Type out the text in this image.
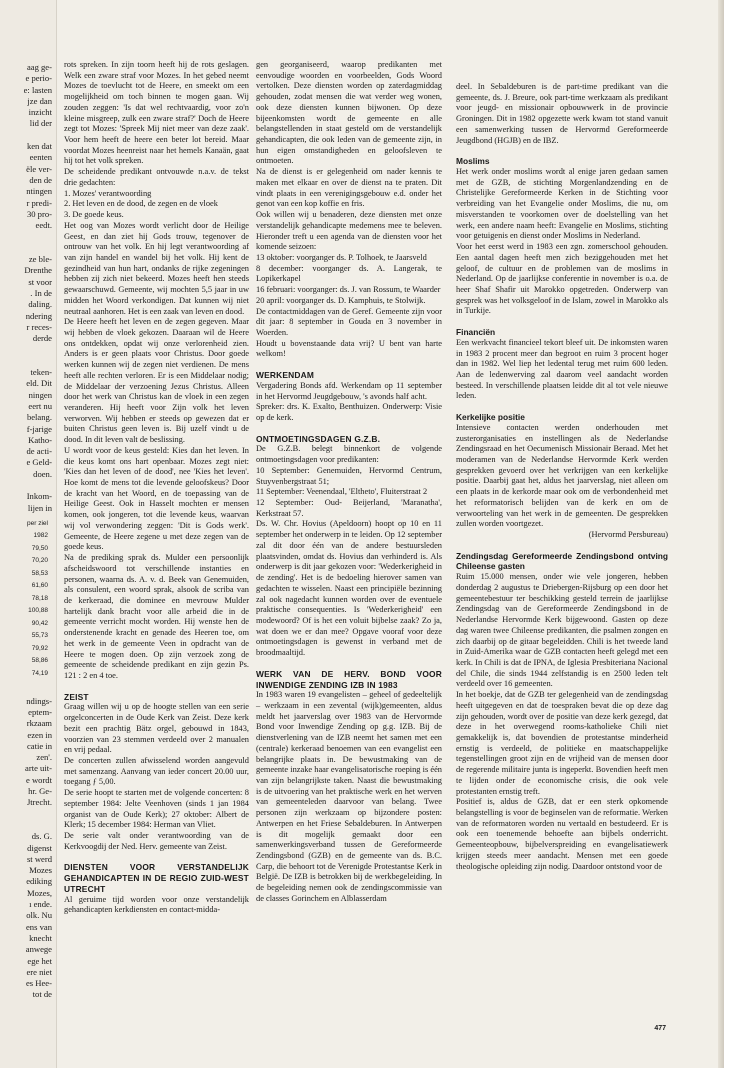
aag ge-
e perio-
e: lasten
jze dan
inzicht
lid der

ken dat
eenten
ële ver-
den de
ntingen
r predi-
30 pro-
eedt.

ze ble-
Drenthe
st voor
. In de
daling.
ndering
r reces-
derde

teken-
eld. Dit
ningen
eert nu
belang.
f-jarige
Katho-
de acti-
e Geld-
doen.

Inkom-
lijen in
per ziel
1982
79,50
70,20
58,53
61,60
78,18
100,88
90,42
55,73
79,92
58,86
74,19

ndings-
eptem-
rkzaam
ezen in
catie in
zen'.
arte uit-
e wordt
hr. Ge-
Jtrecht.

ds. G.
digenst
st werd
Mozes
ediking
Mozes,
ı ende.
olk. Nu
ens van
knecht
anwege
ege het
ere niet
es Hee-
tot de

rots spreken. In zijn toorn heeft hij de rots geslagen. Welk een zware straf voor Mozes. In het gebed neemt Mozes de toevlucht tot de Heere, en smeekt om een mogelijkheid om toch binnen te mogen gaan. Wij zouden zeggen: 'Is dat wel rechtvaardig, voor zo'n kleine misgreep, zulk een zware straf?' Doch de Heere zegt tot Mozes: 'Spreek Mij niet meer van deze zaak'. Voor hem heeft de heere een beter lot bereid. Maar voordat Mozes heenreist naar het hemels Kanaän, gaat hij tot het volk spreken.

De scheidende predikant ontvouwde n.a.v. de tekst drie gedachten:

1. Mozes' verantwoording

2. Het leven en de dood, de zegen en de vloek

3. De goede keus.

Het oog van Mozes wordt verlicht door de Heilige Geest, en dan ziet hij Gods trouw, tegenover de ontrouw van het volk. En hij legt verantwoording af van zijn handel en wandel bij het volk. Hij kent de gezindheid van hun hart, ondanks de rijke zegeningen hebben zij zich niet bekeerd. Mozes heeft hen steeds gewaarschuwd. Gemeente, wij mochten 5,5 jaar in uw midden het Woord verkondigen. Dat kunnen wij niet neutraal aanhoren. Het is een zaak van leven en dood.

De Heere heeft het leven en de zegen gegeven. Maar wij hebben de vloek gekozen. Daaraan wil de Heere ons ontdekken, opdat wij onze verlorenheid zien. Anders is er geen plaats voor Christus. Door goede werken kunnen wij de zegen niet verdienen. De mens heeft alle rechten verloren. Er is een Middelaar nodig; de Middelaar der verzoening Jezus Christus. Alleen door het werk van Christus kan de vloek in een zegen veranderen. Hij heeft voor Zijn volk het leven verworven. Wij hebben er steeds op gewezen dat er buiten Christus geen leven is. Bij uzelf vindt u de dood. In dit leven valt de beslissing.

U wordt voor de keus gesteld: Kies dan het leven. In die keus komt ons hart openbaar. Mozes zegt niet: 'Kies dan het leven of de dood', nee 'Kies het leven'. Hoe komt de mens tot die levende geloofskeus? Door de kracht van het Woord, en de toepassing van de Heilige Geest. Ook in Hasselt mochten er mensen komen, ook jongeren, tot die levende keus, waarvan wij vol verwondering zeggen: 'Dit is Gods werk'. Gemeente, de Heere zegene u met deze zegen van de goede keus.

Na de prediking sprak ds. Mulder een persoonlijk afscheidswoord tot verschillende instanties en personen, waarna ds. A. v. d. Beek van Genemuiden, als consulent, een woord sprak, alsook de scriba van de kerkeraad, die dominee en mevrouw Mulder hartelijk dank bracht voor alle arbeid die in de gemeente verricht mocht worden. Hij wenste hen de onderstenende kracht en genade des Heeren toe, om het werk in de gemeente Veen in opdracht van de Heere te mogen doen. Op zijn verzoek zong de gemeente de scheidende predikant en zijn gezin Ps. 121 : 2 en 4 toe.

ZEIST

Graag willen wij u op de hoogte stellen van een serie orgelconcerten in de Oude Kerk van Zeist. Deze kerk bezit een prachtig Bätz orgel, gebouwd in 1843, voorzien van 23 stemmen verdeeld over 2 manualen en vrij pedaal.

De concerten zullen afwisselend worden aangevuld met samenzang. Aanvang van ieder concert 20.00 uur, toegang ƒ 5,00.

De serie hoopt te starten met de volgende concerten: 8 september 1984: Jelte Veenhoven (sinds 1 jan 1984 organist van de Oude Kerk); 27 oktober: Albert de Klerk; 15 december 1984: Herman van Vliet.

De serie valt onder verantwoording van de Kerkvoogdij der Ned. Herv. gemeente van Zeist.

DIENSTEN VOOR VERSTANDELIJK GEHANDICAPTEN IN DE REGIO ZUID-WEST UTRECHT

Al geruime tijd worden voor onze verstandelijk gehandicapten kerkdiensten en contact-midda-

gen georganiseerd, waarop predikanten met eenvoudige woorden en voorbeelden, Gods Woord vertolken. Deze diensten worden op zaterdagmiddag gehouden, zodat mensen die wat verder weg wonen, ook deze diensten kunnen bijwonen. Op deze bijeenkomsten wordt de gemeente en alle belangstellenden in staat gesteld om de verstandelijk gehandicapten, die ook leden van de gemeente zijn, in hun eigen omstandigheden en geloofsleven te ontmoeten.

Na de dienst is er gelegenheid om nader kennis te maken met elkaar en over de dienst na te praten. Dit vindt plaats in een verenigingsgebouw e.d. onder het genot van een kop koffie en fris.

Ook willen wij u benaderen, deze diensten met onze verstandelijk gehandicapte medemens mee te beleven. Hieronder treft u een agenda van de diensten voor het komende seizoen:

13 oktober: voorganger ds. P. Tolhoek, te Jaarsveld

8 december: voorganger ds. A. Langerak, te Lopikerkapel

16 februari: voorganger: ds. J. van Rossum, te Waarder

20 april: voorganger ds. D. Kamphuis, te Stolwijk.

De contactmiddagen van de Geref. Gemeente zijn voor dit jaar: 8 september in Gouda en 3 november in Woerden.

Houdt u bovenstaande data vrij? U bent van harte welkom!

WERKENDAM

Vergadering Bonds afd. Werkendam op 11 september in het Hervormd Jeugdgebouw, 's avonds half acht.

Spreker: drs. K. Exalto, Benthuizen. Onderwerp: Visie op de kerk.

ONTMOETINGSDAGEN G.Z.B.

De G.Z.B. belegt binnenkort de volgende ontmoetingsdagen voor predikanten:

10 September: Genemuiden, Hervormd Centrum, Stuyvenbergstraat 51;

11 September: Veenendaal, 'Eltheto', Fluiterstraat 2

12 September: Oud- Beijerland, 'Maranatha', Kerkstraat 57.

Ds. W. Chr. Hovius (Apeldoorn) hoopt op 10 en 11 september het onderwerp in te leiden. Op 12 september zal dit door één van de andere bestuursleden plaatsvinden, omdat ds. Hovius dan verhinderd is. Als onderwerp is dit jaar gekozen voor: 'Wederkerigheid in de zending'. Het is de bedoeling hierover samen van gedachten te wisselen. Naast een principiële bezinning zal ook nagedacht kunnen worden over de eventuele praktische consequenties. Is 'Wederkerigheid' een modewoord? Of is het een voluit bijbelse zaak? Zo ja, wat doen we er dan mee? Opgave vooraf voor deze ontmoetingsdagen is gewenst in verband met de broodmaaltijd.

WERK VAN DE HERV. BOND VOOR INWENDIGE ZENDING IZB IN 1983

In 1983 waren 19 evangelisten – geheel of gedeeltelijk – werkzaam in een zevental (wijk)gemeenten, aldus meldt het jaarverslag over 1983 van de Hervormde Bond voor Inwendige Zending op g.g. IZB. Bij de dienstverlening van de IZB neemt het samen met een (centrale) kerkeraad benoemen van een evangelist een belangrijke plaats in. De bewustmaking van de gemeente inzake haar evangelisatorische roeping is één van zijn belangrijkste taken. Naast die bewustmaking is de uitvoering van het praktische werk en het werven van gemeenteleden daarvoor van belang. Twee personen zijn werkzaam op bijzondere posten: Antwerpen en het Friese Sebaldeburen. In Antwerpen is dit mogelijk gemaakt door een samenwerkingsverband tussen de Gereformeerde Zendingsbond (GZB) en de gemeente van ds. B.C. Carp, die behoort tot de Verenigde Protestantse Kerk in België. De IZB is betrokken bij de werkbegeleiding. In de begeleiding nemen ook de zendingscommissie van de classes Gorinchem en Alblasserdam

deel. In Sebaldeburen is de part-time predikant van die gemeente, ds. J. Breure, ook part-time werkzaam als predikant voor jeugd- en missionair opbouwwerk in de provincie Groningen. Dit in 1982 opgezette werk kwam tot stand vanuit een samenwerking tussen de Hervormd Gereformeerde Jeugdbond (HGJB) en de IBZ.

Moslims

Het werk onder moslims wordt al enige jaren gedaan samen met de GZB, de stichting Morgenlandzending en de Christelijke Gereformeerde Kerken in de Stichting voor verbreiding van het Evangelie onder Moslims, die nu, om misverstanden te voorkomen over de doelstelling van het werk, een andere naam heeft: Evangelie en Moslims, stichting voor getuigenis en dienst onder Moslims in Nederland.

Voor het eerst werd in 1983 een zgn. zomerschool gehouden. Een aantal dagen heeft men zich beziggehouden met het geloof, de cultuur en de problemen van de moslims in Nederland. Op de jaarlijkse conferentie in november is o.a. de heer Shaf Shafir uit Marokko opgetreden. Onderwerp van gesprek was het volksgeloof in de Islam, zowel in Marokko als in Turkije.

Financiën

Een werkvacht financieel tekort bleef uit. De inkomsten waren in 1983 2 procent meer dan begroot en ruim 3 procent hoger dan in 1982. Wel liep het ledental terug met ruim 600 leden. Aan de ledenwerving zal daarom veel aandacht worden besteed. In verschillende plaatsen leidde dit al tot vele nieuwe leden.

Kerkelijke positie

Intensieve contacten werden onderhouden met zusterorganisaties en instellingen als de Nederlandse Zendingsraad en het Oecumenisch Missionair Beraad. Met het moderamen van de Nederlandse Hervormde Kerk werden gesprekken gevoerd over het verkrijgen van een kerkelijke positie. Daarbij gaat het, aldus het jaarverslag, niet alleen om een plaats in de kerkorde maar ook om de verbondenheid met het reformatorisch belijden van de kerk en om de verwoorteling van het werk in de gemeenten. De gesprekken zullen worden voortgezet.

(Hervormd Persbureau)

Zendingsdag Gereformeerde Zendingsbond ontving Chileense gasten

Ruim 15.000 mensen, onder wie vele jongeren, hebben donderdag 2 augustus te Driebergen-Rijsburg op een door het gemeentebestuur ter beschikking gesteld terrein de jaarlijkse Zendingsdag van de Gereformeerde Zendingsbond in de Nederlandse Hervormde Kerk bijgewoond. Gasten op deze dag waren twee Chileense predikanten, die psalmen zongen en zich daarbij op de gitaar begeleidden. Chili is het tweede land in Zuid-Amerika waar de GZB contacten heeft gelegd met een kerk. In Chili is dat de IPNA, de Iglesia Presbiteriana Nacional del Chile, die sinds 1944 zelfstandig is en 2500 leden telt verdeeld over 16 gemeenten.

In het boekje, dat de GZB ter gelegenheid van de zendingsdag heeft uitgegeven en dat de toespraken bevat die op deze dag zijn gehouden, wordt over de positie van deze kerk gezegd, dat deze in het overwegend rooms-katholieke Chili niet gemakkelijk is, dat bovendien de protestantse minderheid ernstig is verdeeld, de politieke en maatschappelijke tegenstellingen groot zijn en de vrijheid van de mensen door de regerende militaire junta is ingeperkt. Bovendien heeft men te lijden onder de economische crisis, die ook vele protestanten ernstig treft.

Positief is, aldus de GZB, dat er een sterk opkomende belangstelling is voor de beginselen van de reformatie. Werken van de reformatoren worden nu vertaald en bestudeerd. Er is ook een toenemende behoefte aan bijbels onderricht. Gemeenteopbouw, bijbelverspreiding en evangelisatiewerk krijgen steeds meer aandacht. Mensen met een goede theologische opleiding zijn nodig. Daardoor ontstond voor de

477
